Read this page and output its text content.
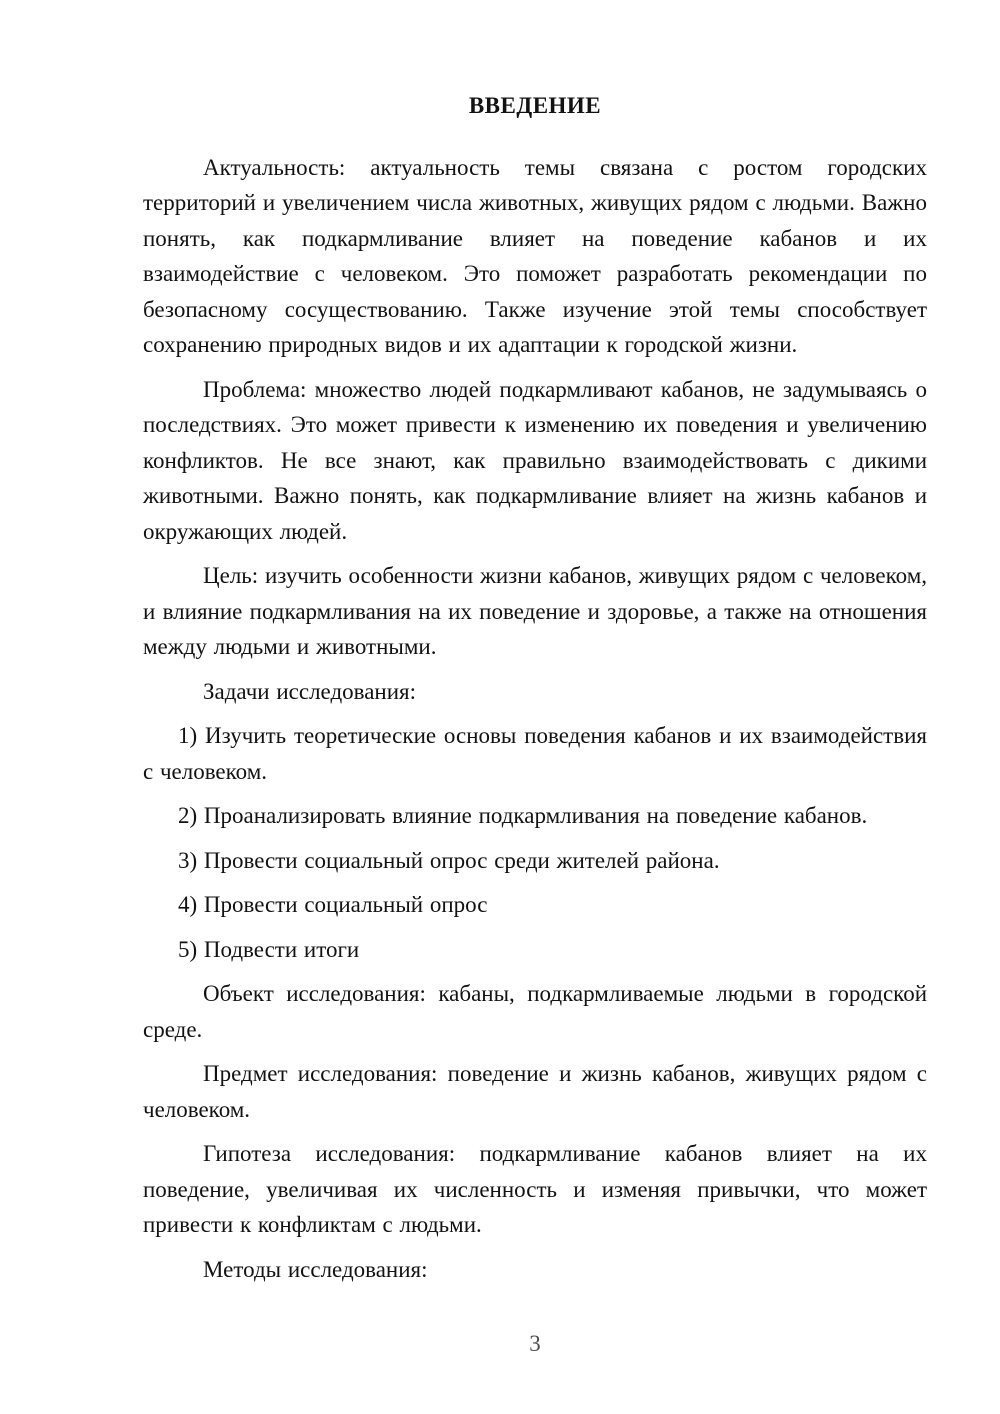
ВВЕДЕНИЕ

Актуальность: актуальность темы связана с ростом городских территорий и увеличением числа животных, живущих рядом с людьми. Важно понять, как подкармливание влияет на поведение кабанов и их взаимодействие с человеком. Это поможет разработать рекомендации по безопасному сосуществованию. Также изучение этой темы способствует сохранению природных видов и их адаптации к городской жизни.

Проблема: множество людей подкармливают кабанов, не задумываясь о последствиях. Это может привести к изменению их поведения и увеличению конфликтов. Не все знают, как правильно взаимодействовать с дикими животными. Важно понять, как подкармливание влияет на жизнь кабанов и окружающих людей.

Цель: изучить особенности жизни кабанов, живущих рядом с человеком, и влияние подкармливания на их поведение и здоровье, а также на отношения между людьми и животными.

Задачи исследования:

1) Изучить теоретические основы поведения кабанов и их взаимодействия с человеком.

2) Проанализировать влияние подкармливания на поведение кабанов.

3) Провести социальный опрос среди жителей района.

4) Провести социальный опрос

5) Подвести итоги

Объект исследования: кабаны, подкармливаемые людьми в городской среде.

Предмет исследования: поведение и жизнь кабанов, живущих рядом с человеком.

Гипотеза исследования: подкармливание кабанов влияет на их поведение, увеличивая их численность и изменяя привычки, что может привести к конфликтам с людьми.

Методы исследования:

3
